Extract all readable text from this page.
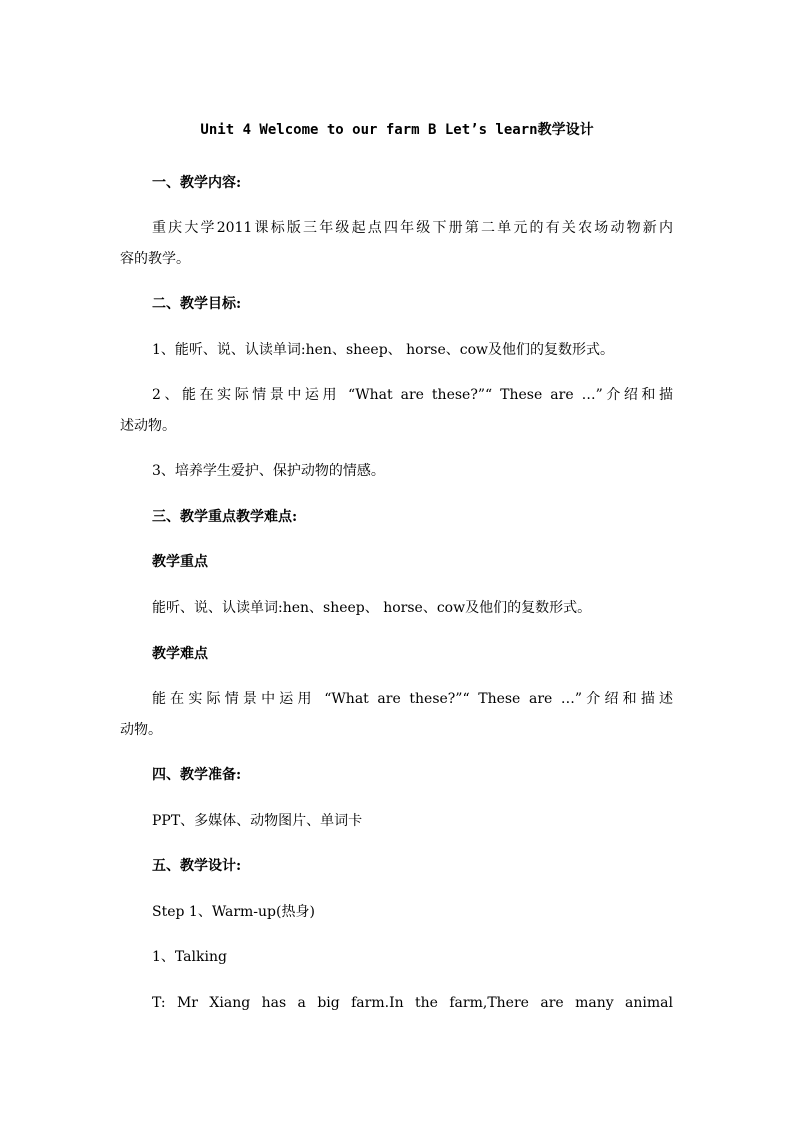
Unit 4 Welcome to our farm B Let’s learn教学设计
一、教学内容:
重庆大学2011课标版三年级起点四年级下册第二单元的有关农场动物新内
容的教学。
二、教学目标:
1、能听、说、认读单词:hen、sheep、 horse、cow及他们的复数形式。
2、能在实际情景中运用 “What are these?”“ These are …”介绍和描
述动物。
3、培养学生爱护、保护动物的情感。
三、教学重点教学难点:
教学重点
能听、说、认读单词:hen、sheep、 horse、cow及他们的复数形式。
教学难点
能在实际情景中运用 “What are these?”“ These are …”介绍和描述
动物。
四、教学准备:
PPT、多媒体、动物图片、单词卡
五、教学设计:
Step 1、Warm-up(热身)
1、Talking
T: Mr Xiang has a big farm.In the farm,There are many animal
